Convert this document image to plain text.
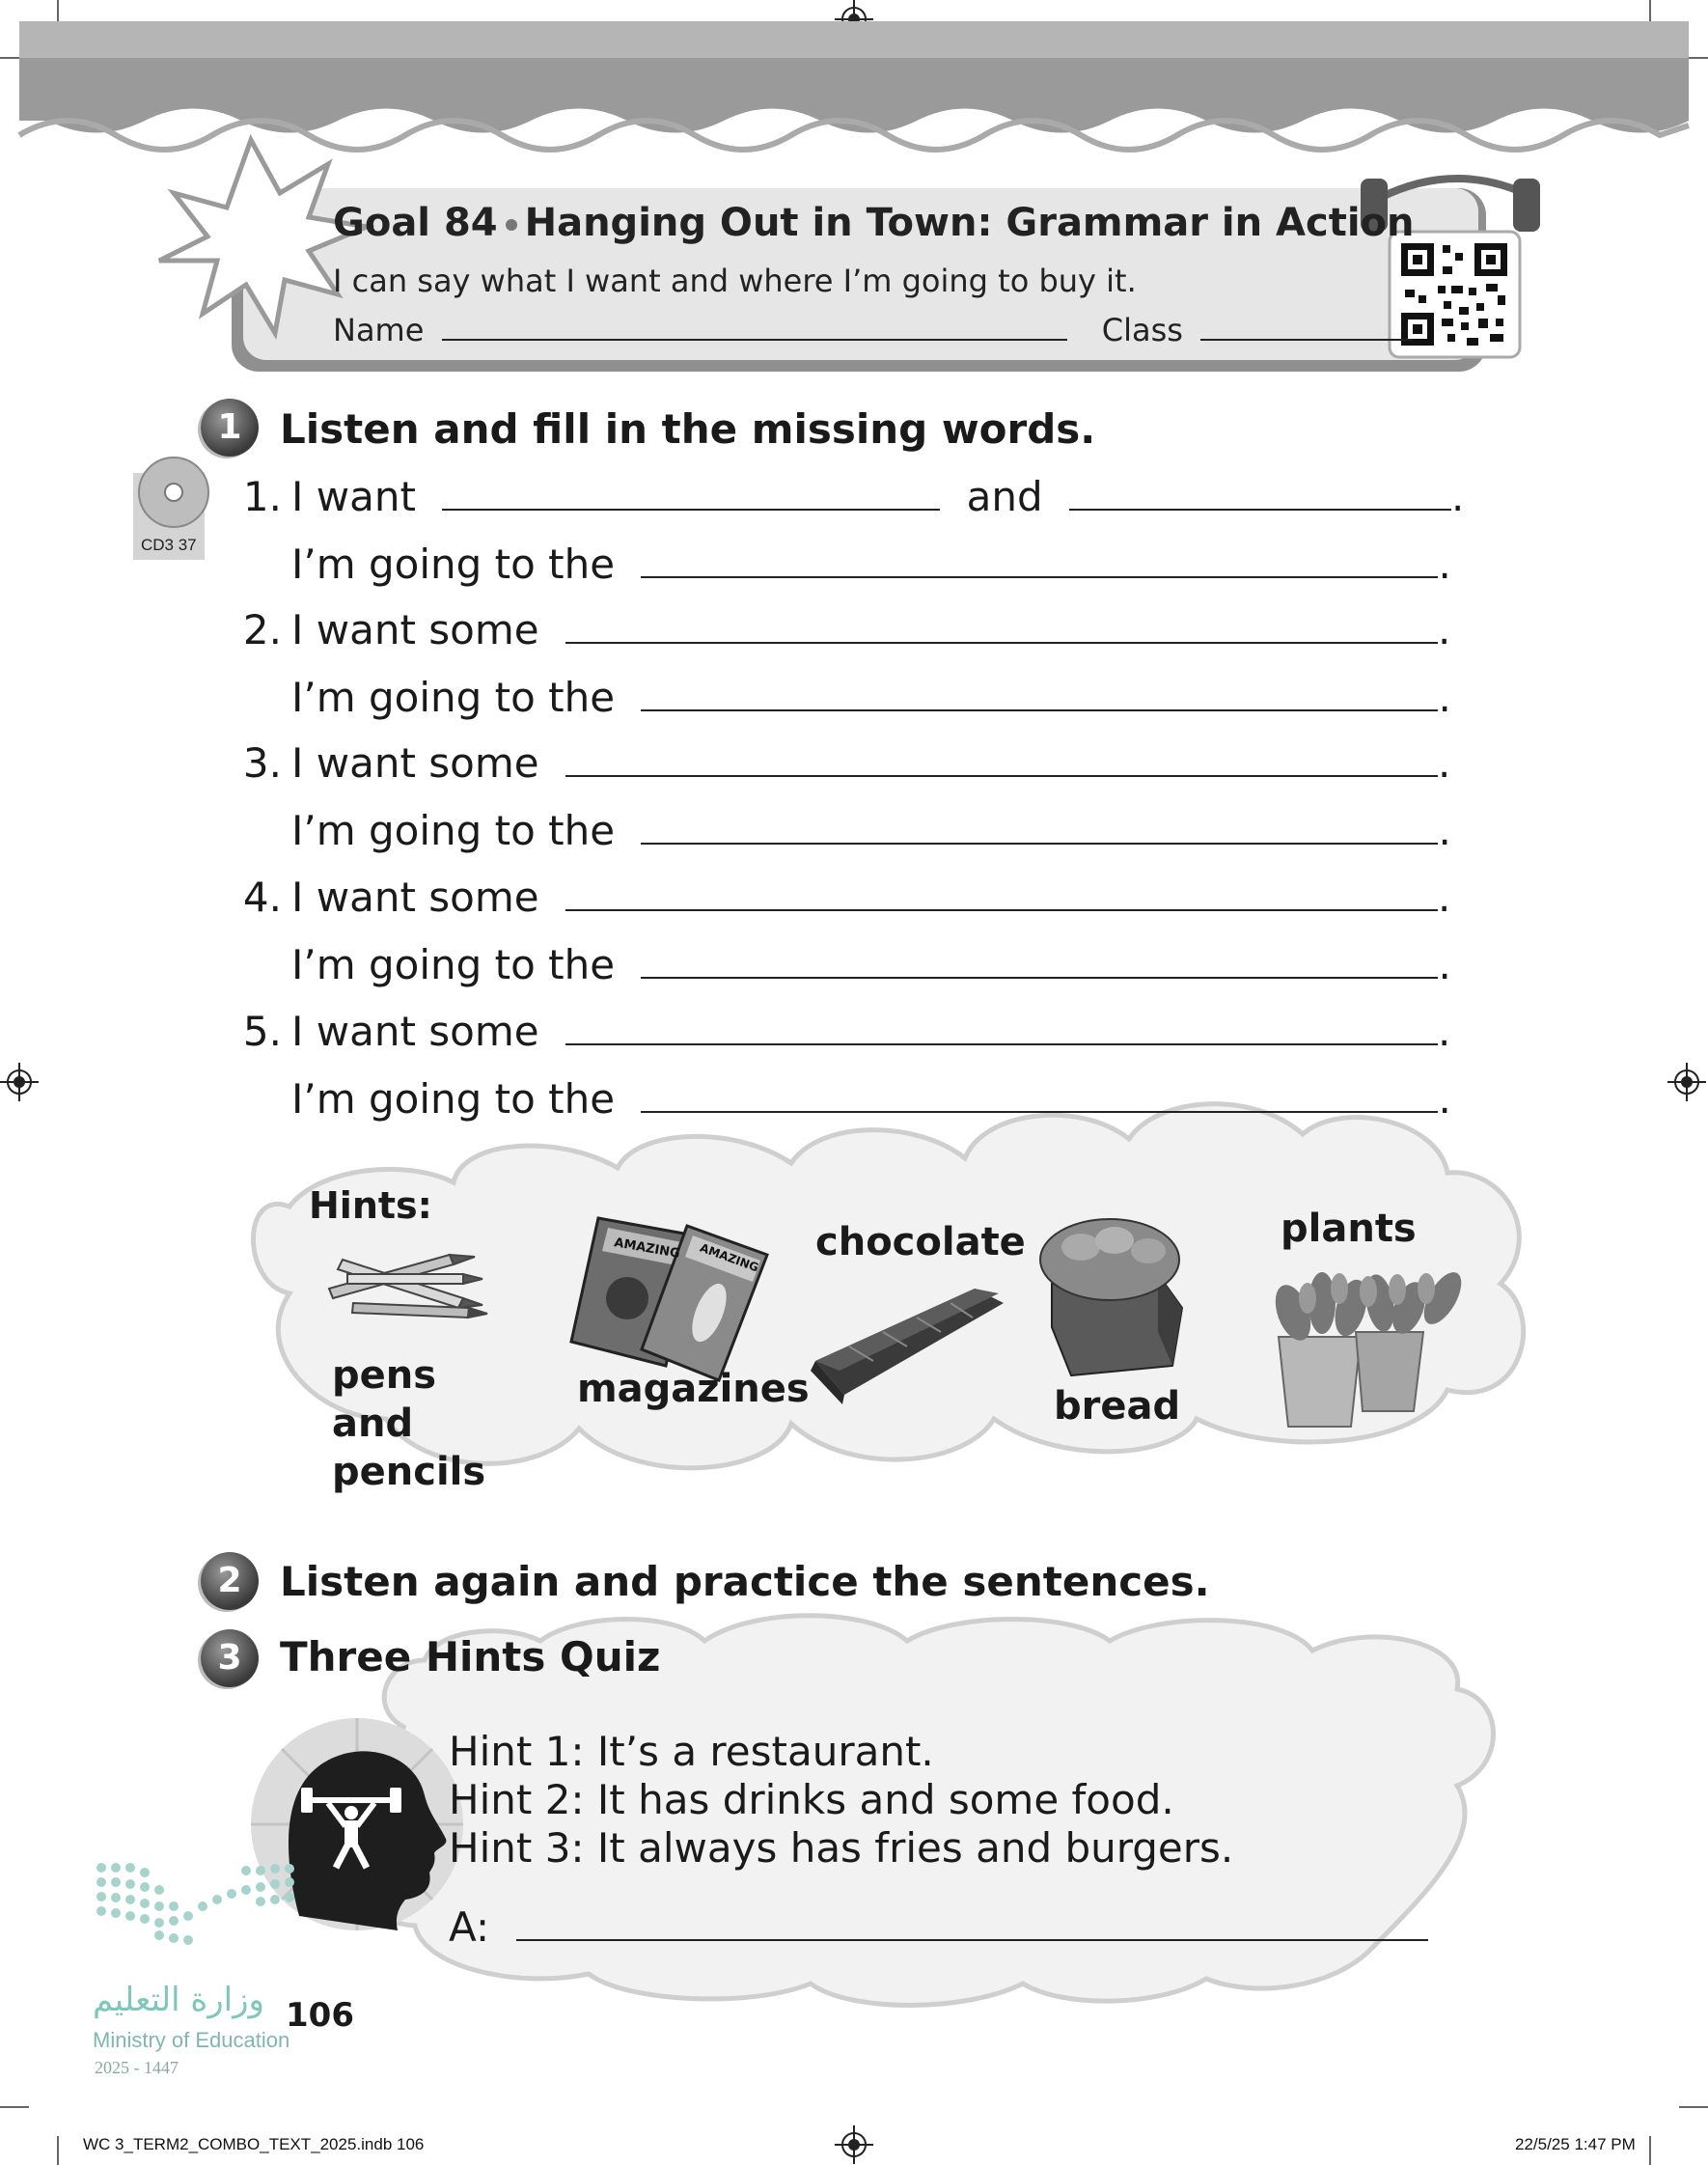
Goal 84 Hanging Out in Town: Grammar in Action
I can say what I want and where I’m going to buy it.
Name	Class
CD3 37
1 Listen and fill in the missing words.
1. I want	and	.
I’m going to the	.
2. I want some	.
I’m going to the	.
3. I want some	.
I’m going to the	.
4. I want some	.
I’m going to the	.
5. I want some	.
I’m going to the	.
Hints:
pens and pencils
magazines
chocolate
bread
plants
AMAZING AMAZING
2 Listen again and practice the sentences.
3 Three Hints Quiz
Hint 1: It’s a restaurant.
Hint 2: It has drinks and some food.
Hint 3: It always has fries and burgers.
A:
106
وزارة التعليم
Ministry of Education
2025 - 1447
WC 3_TERM2_COMBO_TEXT_2025.indb 106	22/5/25 1:47 PM
